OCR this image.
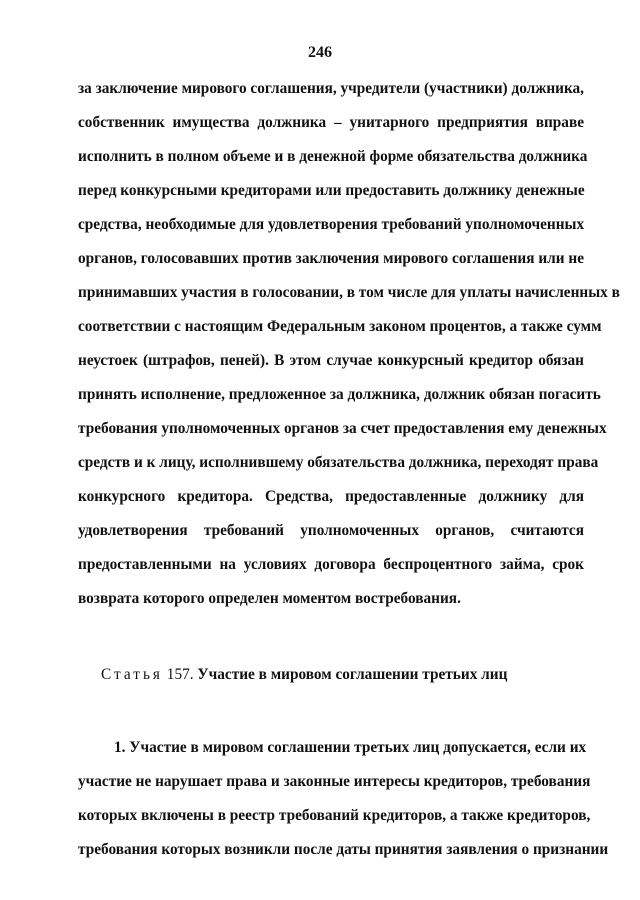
246
за заключение мирового соглашения, учредители (участники) должника,
собственник имущества должника – унитарного предприятия вправе
исполнить в полном объеме и в денежной форме обязательства должника
перед конкурсными кредиторами или предоставить должнику денежные
средства, необходимые для удовлетворения требований уполномоченных
органов, голосовавших против заключения мирового соглашения или не
принимавших участия в голосовании, в том числе для уплаты начисленных в
соответствии с настоящим Федеральным законом процентов, а также сумм
неустоек (штрафов, пеней). В этом случае конкурсный кредитор обязан
принять исполнение, предложенное за должника, должник обязан погасить
требования уполномоченных органов за счет предоставления ему денежных
средств и к лицу, исполнившему обязательства должника, переходят права
конкурсного кредитора. Средства, предоставленные должнику для
удовлетворения требований уполномоченных органов, считаются
предоставленными на условиях договора беспроцентного займа, срок
возврата которого определен моментом востребования.
Статья 157. Участие в мировом соглашении третьих лиц
1. Участие в мировом соглашении третьих лиц допускается, если их
участие не нарушает права и законные интересы кредиторов, требования
которых включены в реестр требований кредиторов, а также кредиторов,
требования которых возникли после даты принятия заявления о признании
